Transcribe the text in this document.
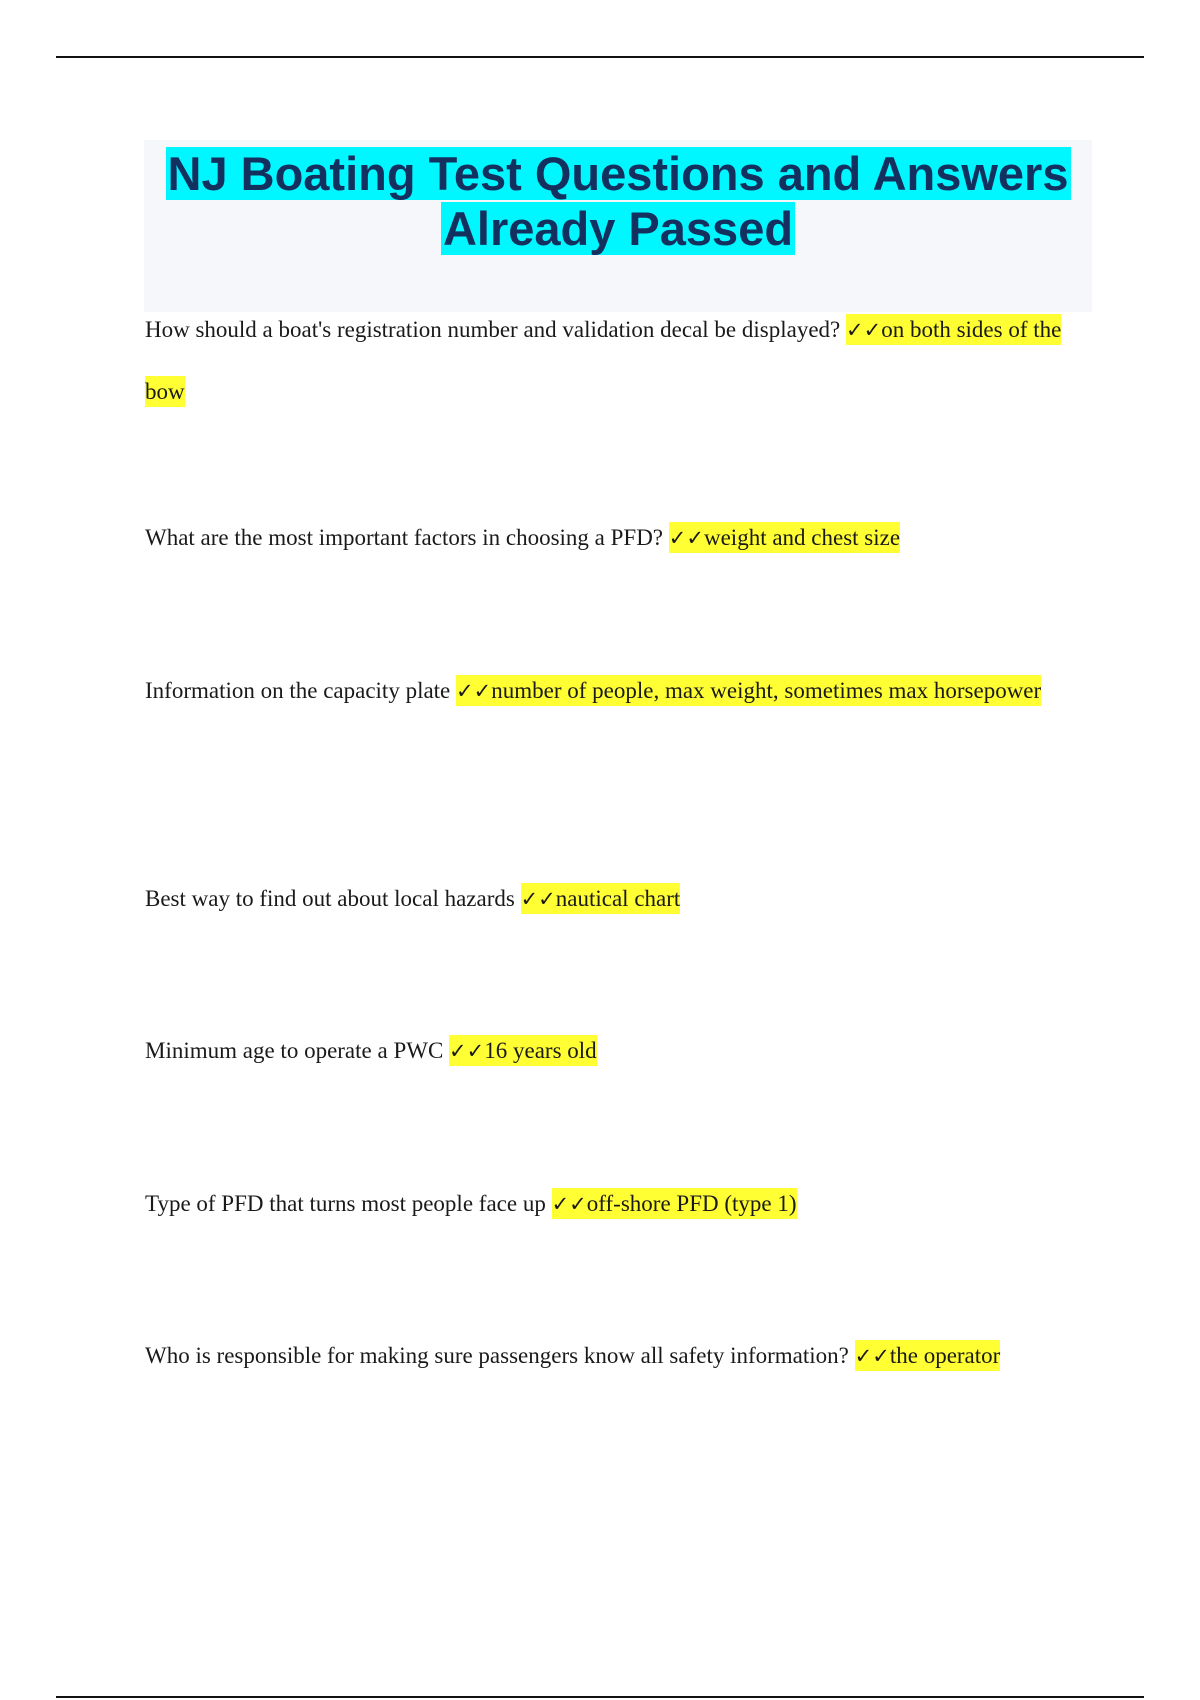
NJ Boating Test Questions and Answers
Already Passed
How should a boat's registration number and validation decal be displayed? ✓✓on both sides of the bow
What are the most important factors in choosing a PFD? ✓✓weight and chest size
Information on the capacity plate ✓✓number of people, max weight, sometimes max horsepower
Best way to find out about local hazards ✓✓nautical chart
Minimum age to operate a PWC ✓✓16 years old
Type of PFD that turns most people face up ✓✓off-shore PFD (type 1)
Who is responsible for making sure passengers know all safety information? ✓✓the operator
